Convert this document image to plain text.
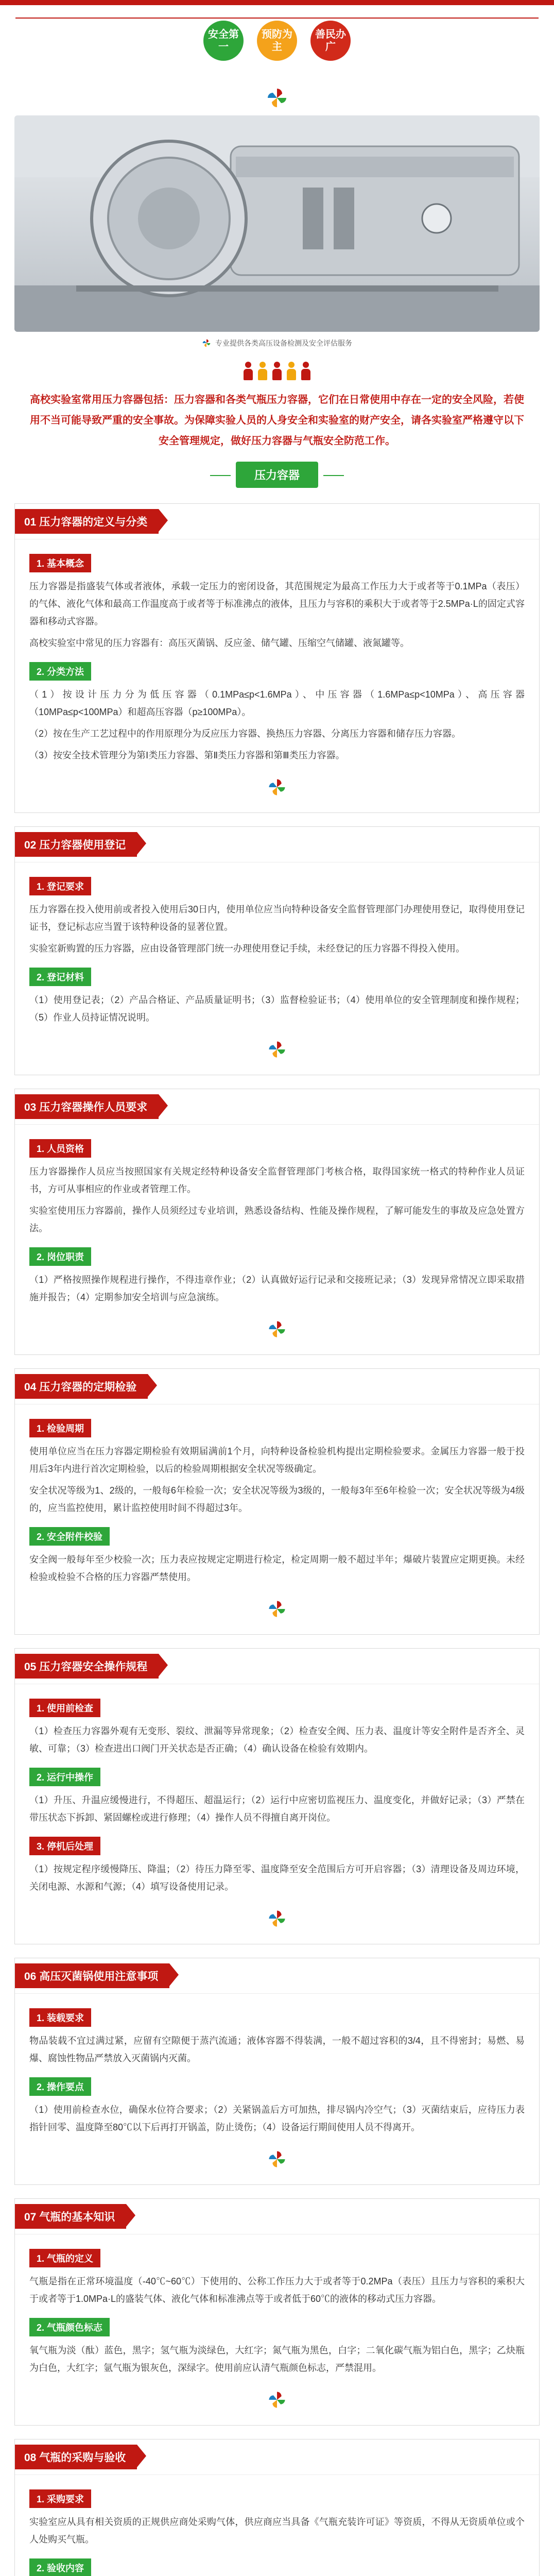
安全第一
预防为主
善民办广
专业提供各类高压设备检测及安全评估服务
高校实验室常用压力容器包括：压力容器和各类气瓶压力容器，它们在日常使用中存在一定的安全风险，若使用不当可能导致严重的安全事故。为保障实验人员的人身安全和实验室的财产安全，请各实验室严格遵守以下安全管理规定，做好压力容器与气瓶安全防范工作。
压力容器
01 压力容器的定义与分类
1. 基本概念

压力容器是指盛装气体或者液体，承载一定压力的密闭设备，其范围规定为最高工作压力大于或者等于0.1MPa（表压）的气体、液化气体和最高工作温度高于或者等于标准沸点的液体，且压力与容积的乘积大于或者等于2.5MPa·L的固定式容器和移动式容器。

高校实验室中常见的压力容器有：高压灭菌锅、反应釜、储气罐、压缩空气储罐、液氮罐等。

2. 分类方法

（1）按设计压力分为低压容器（0.1MPa≤p<1.6MPa）、中压容器（1.6MPa≤p<10MPa）、高压容器（10MPa≤p<100MPa）和超高压容器（p≥100MPa）。

（2）按在生产工艺过程中的作用原理分为反应压力容器、换热压力容器、分离压力容器和储存压力容器。

（3）按安全技术管理分为第Ⅰ类压力容器、第Ⅱ类压力容器和第Ⅲ类压力容器。

02 压力容器使用登记
1. 登记要求

压力容器在投入使用前或者投入使用后30日内，使用单位应当向特种设备安全监督管理部门办理使用登记，取得使用登记证书，登记标志应当置于该特种设备的显著位置。

实验室新购置的压力容器，应由设备管理部门统一办理使用登记手续，未经登记的压力容器不得投入使用。

2. 登记材料

（1）使用登记表；（2）产品合格证、产品质量证明书；（3）监督检验证书；（4）使用单位的安全管理制度和操作规程；（5）作业人员持证情况说明。

03 压力容器操作人员要求
1. 人员资格

压力容器操作人员应当按照国家有关规定经特种设备安全监督管理部门考核合格，取得国家统一格式的特种作业人员证书，方可从事相应的作业或者管理工作。

实验室使用压力容器前，操作人员须经过专业培训，熟悉设备结构、性能及操作规程，了解可能发生的事故及应急处置方法。

2. 岗位职责

（1）严格按照操作规程进行操作，不得违章作业；（2）认真做好运行记录和交接班记录；（3）发现异常情况立即采取措施并报告；（4）定期参加安全培训与应急演练。

04 压力容器的定期检验
1. 检验周期

使用单位应当在压力容器定期检验有效期届满前1个月，向特种设备检验机构提出定期检验要求。金属压力容器一般于投用后3年内进行首次定期检验，以后的检验周期根据安全状况等级确定。

安全状况等级为1、2级的，一般每6年检验一次；安全状况等级为3级的，一般每3年至6年检验一次；安全状况等级为4级的，应当监控使用，累计监控使用时间不得超过3年。

2. 安全附件校验

安全阀一般每年至少校验一次；压力表应按规定定期进行检定，检定周期一般不超过半年；爆破片装置应定期更换。未经检验或检验不合格的压力容器严禁使用。

05 压力容器安全操作规程
1. 使用前检查

（1）检查压力容器外观有无变形、裂纹、泄漏等异常现象；（2）检查安全阀、压力表、温度计等安全附件是否齐全、灵敏、可靠；（3）检查进出口阀门开关状态是否正确；（4）确认设备在检验有效期内。

2. 运行中操作

（1）升压、升温应缓慢进行，不得超压、超温运行；（2）运行中应密切监视压力、温度变化，并做好记录；（3）严禁在带压状态下拆卸、紧固螺栓或进行修理；（4）操作人员不得擅自离开岗位。

3. 停机后处理

（1）按规定程序缓慢降压、降温；（2）待压力降至零、温度降至安全范围后方可开启容器；（3）清理设备及周边环境，关闭电源、水源和气源；（4）填写设备使用记录。

06 高压灭菌锅使用注意事项
1. 装载要求

物品装载不宜过满过紧，应留有空隙便于蒸汽流通；液体容器不得装满，一般不超过容积的3/4，且不得密封；易燃、易爆、腐蚀性物品严禁放入灭菌锅内灭菌。

2. 操作要点

（1）使用前检查水位，确保水位符合要求；（2）关紧锅盖后方可加热，排尽锅内冷空气；（3）灭菌结束后，应待压力表指针回零、温度降至80℃以下后再打开锅盖，防止烫伤；（4）设备运行期间使用人员不得离开。

07 气瓶的基本知识
1. 气瓶的定义

气瓶是指在正常环境温度（-40℃~60℃）下使用的、公称工作压力大于或者等于0.2MPa（表压）且压力与容积的乘积大于或者等于1.0MPa·L的盛装气体、液化气体和标准沸点等于或者低于60℃的液体的移动式压力容器。

2. 气瓶颜色标志

氧气瓶为淡（酞）蓝色，黑字；氢气瓶为淡绿色，大红字；氮气瓶为黑色，白字；二氧化碳气瓶为铝白色，黑字；乙炔瓶为白色，大红字；氩气瓶为银灰色，深绿字。使用前应认清气瓶颜色标志，严禁混用。

08 气瓶的采购与验收
1. 采购要求

实验室应从具有相关资质的正规供应商处采购气体，供应商应当具备《气瓶充装许可证》等资质，不得从无资质单位或个人处购买气瓶。

2. 验收内容
